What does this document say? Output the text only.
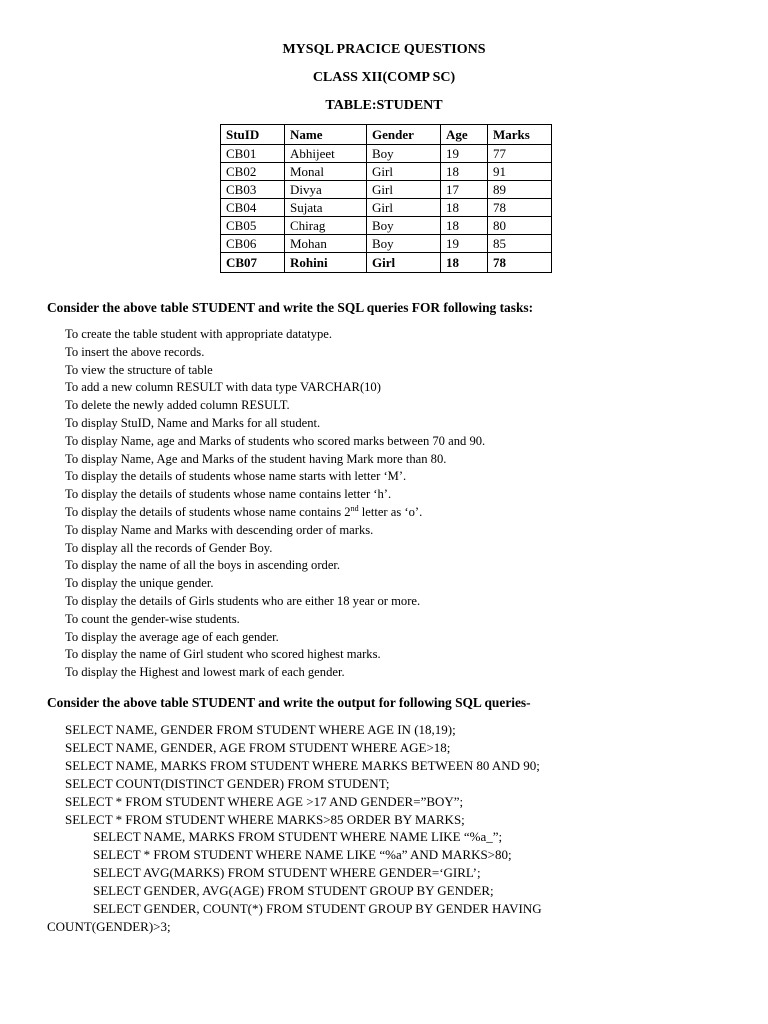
MYSQL PRACICE QUESTIONS
CLASS XII(COMP SC)
TABLE:STUDENT
StuID	Name	Gender	Age	Marks
CB01	Abhijeet	Boy	19	77
CB02	Monal	Girl	18	91
CB03	Divya	Girl	17	89
CB04	Sujata	Girl	18	78
CB05	Chirag	Boy	18	80
CB06	Mohan	Boy	19	85
CB07	Rohini	Girl	18	78
Consider the above table STUDENT and write the SQL queries FOR following tasks:
To create the table student with appropriate datatype.
To insert the above records.
To view the structure of table
To add a new column RESULT with data type VARCHAR(10)
To delete the newly added column RESULT.
To display StuID, Name and Marks for all student.
To display Name, age and Marks of students who scored marks between 70 and 90.
To display Name, Age and Marks of the student having Mark more than 80.
To display the details of students whose name starts with letter ‘M’.
To display the details of students whose name contains letter ‘h’.
To display the details of students whose name contains 2nd letter as ‘o’.
To display Name and Marks with descending order of marks.
To display all the records of Gender Boy.
To display the name of all the boys in ascending order.
To display the unique gender.
To display the details of Girls students who are either 18 year or more.
To count the gender-wise students.
To display the average age of each gender.
To display the name of Girl student who scored highest marks.
To display the Highest and lowest mark of each gender.
Consider the above table STUDENT and write the output for following SQL queries-
SELECT NAME, GENDER FROM STUDENT WHERE AGE IN (18,19);
SELECT NAME, GENDER, AGE FROM STUDENT WHERE AGE>18;
SELECT NAME, MARKS FROM STUDENT WHERE MARKS BETWEEN 80 AND 90;
SELECT COUNT(DISTINCT GENDER) FROM STUDENT;
SELECT * FROM STUDENT WHERE AGE >17 AND GENDER=”BOY”;
SELECT * FROM STUDENT WHERE MARKS>85 ORDER BY MARKS;
SELECT NAME, MARKS FROM STUDENT WHERE NAME LIKE “%a_”;
SELECT * FROM STUDENT WHERE NAME LIKE “%a” AND MARKS>80;
SELECT AVG(MARKS) FROM STUDENT WHERE GENDER=‘GIRL’;
SELECT GENDER, AVG(AGE) FROM STUDENT GROUP BY GENDER;
SELECT GENDER, COUNT(*) FROM STUDENT GROUP BY GENDER HAVING
COUNT(GENDER)>3;
